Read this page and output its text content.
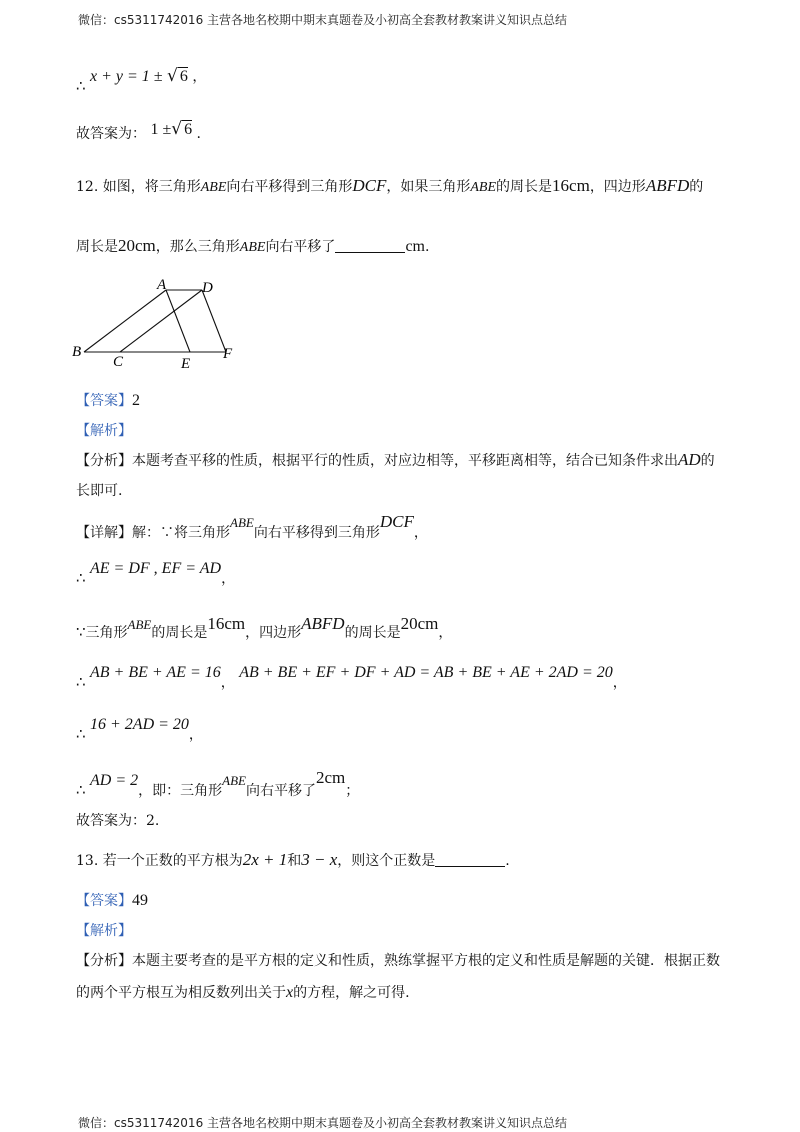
微信：cs5311742016 主营各地名校期中期末真题卷及小初高全套教材教案讲义知识点总结
∴ x + y = 1 ± √ 6 ，
故答案为： 1 ±√ 6 .
12. 如图，将三角形ABE向右平移得到三角形DCF，如果三角形ABE的周长是16cm，四边形ABFD的
周长是20cm，那么三角形ABE向右平移了	cm.
A D
B
C	E
F
【答案】2
【解析】
【分析】本题考查平移的性质，根据平行的性质，对应边相等，平移距离相等，结合已知条件求出AD的
长即可.
【详解】解：∵将三角形ABE向右平移得到三角形DCF，
∴ AE = DF , EF = AD，
∵三角形ABE的周长是16cm，四边形ABFD的周长是20cm，
∴ AB + BE + AE = 16， AB + BE + EF + DF + AD = AB + BE + AE + 2AD = 20，
∴ 16 + 2AD = 20，
∴ AD = 2，即：三角形ABE向右平移了2cm；
故答案为：2.
13. 若一个正数的平方根为2x + 1和3 − x，则这个正数是	.
【答案】49
【解析】
【分析】本题主要考查的是平方根的定义和性质，熟练掌握平方根的定义和性质是解题的关键．根据正数
的两个平方根互为相反数列出关于x的方程，解之可得.
微信：cs5311742016 主营各地名校期中期末真题卷及小初高全套教材教案讲义知识点总结
